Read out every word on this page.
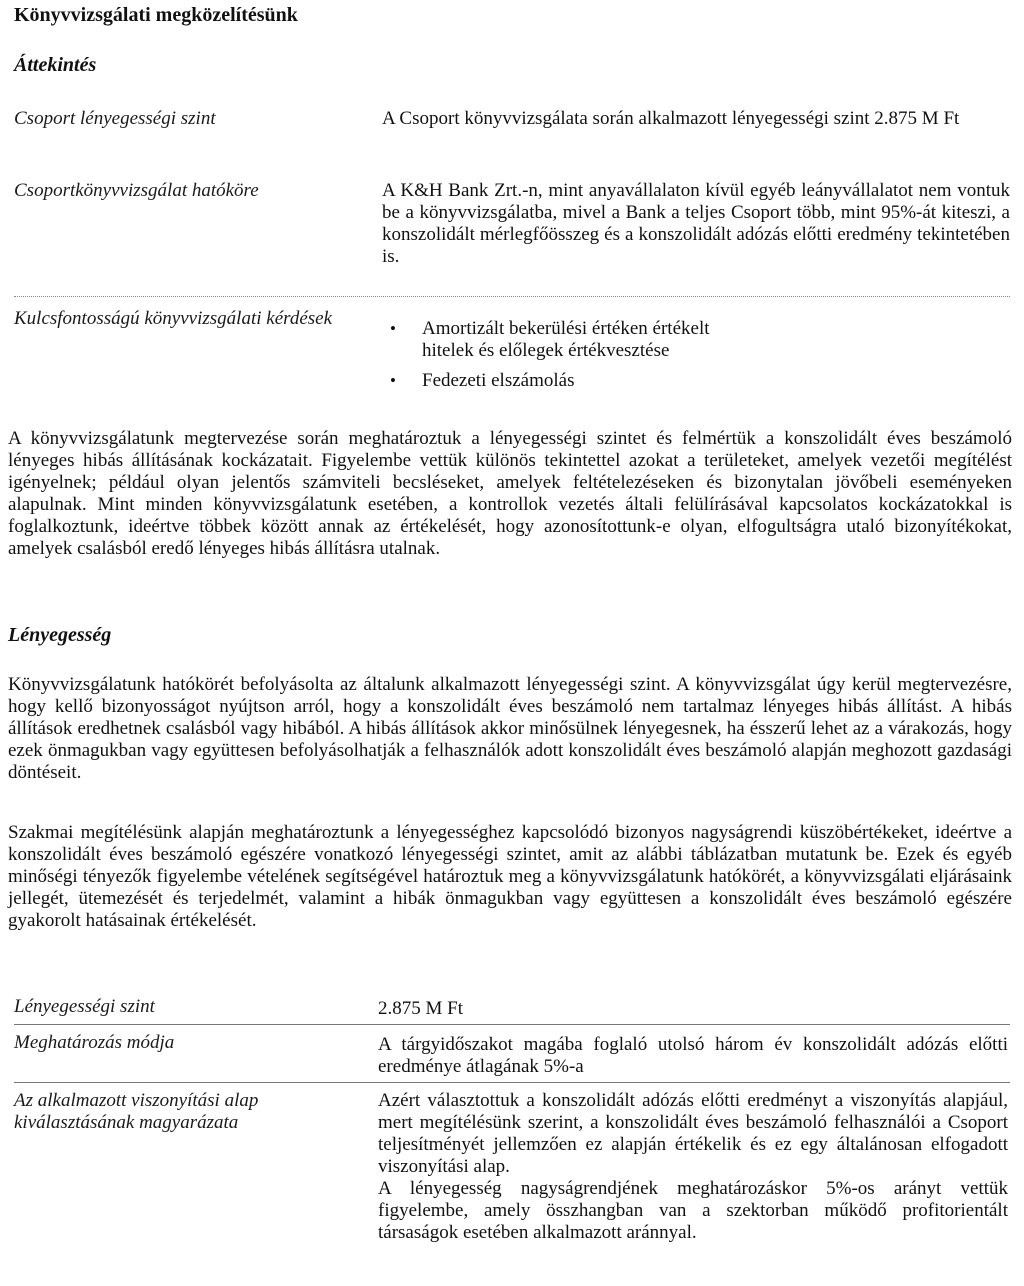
Könyvvizsgálati megközelítésünk
Áttekintés
Csoport lényegességi szint	A Csoport könyvvizsgálata során alkalmazott lényegességi szint 2.875 M Ft
Csoportkönyvvizsgálat hatóköre	A K&H Bank Zrt.-n, mint anyavállalaton kívül egyéb leányvállalatot nem vontuk be a könyvvizsgálatba, mivel a Bank a teljes Csoport több, mint 95%-át kiteszi, a konszolidált mérlegfőösszeg és a konszolidált adózás előtti eredmény tekintetében is.
Kulcsfontosságú könyvvizsgálati kérdések
•	Amortizált bekerülési értéken értékelt hitelek és előlegek értékvesztése
• Fedezeti elszámolás

A könyvvizsgálatunk megtervezése során meghatároztuk a lényegességi szintet és felmértük a konszolidált éves beszámoló lényeges hibás állításának kockázatait. Figyelembe vettük különös tekintettel azokat a területeket, amelyek vezetői megítélést igényelnek; például olyan jelentős számviteli becsléseket, amelyek feltételezéseken és bizonytalan jövőbeli eseményeken alapulnak. Mint minden könyvvizsgálatunk esetében, a kontrollok vezetés általi felülírásával kapcsolatos kockázatokkal is foglalkoztunk, ideértve többek között annak az értékelését, hogy azonosítottunk-e olyan, elfogultságra utaló bizonyítékokat, amelyek csalásból eredő lényeges hibás állításra utalnak.

Lényegesség

Könyvvizsgálatunk hatókörét befolyásolta az általunk alkalmazott lényegességi szint. A könyvvizsgálat úgy kerül megtervezésre, hogy kellő bizonyosságot nyújtson arról, hogy a konszolidált éves beszámoló nem tartalmaz lényeges hibás állítást. A hibás állítások eredhetnek csalásból vagy hibából. A hibás állítások akkor minősülnek lényegesnek, ha ésszerű lehet az a várakozás, hogy ezek önmagukban vagy együttesen befolyásolhatják a felhasználók adott konszolidált éves beszámoló alapján meghozott gazdasági döntéseit.

Szakmai megítélésünk alapján meghatároztunk a lényegességhez kapcsolódó bizonyos nagyságrendi küszöbértékeket, ideértve a konszolidált éves beszámoló egészére vonatkozó lényegességi szintet, amit az alábbi táblázatban mutatunk be. Ezek és egyéb minőségi tényezők figyelembe vételének segítségével határoztuk meg a könyvvizsgálatunk hatókörét, a könyvvizsgálati eljárásaink jellegét, ütemezését és terjedelmét, valamint a hibák önmagukban vagy együttesen a konszolidált éves beszámoló egészére gyakorolt hatásainak értékelését.

Lényegességi szint	2.875 M Ft
Meghatározás módja	A tárgyidőszakot magába foglaló utolsó három év konszolidált adózás előtti eredménye átlagának 5%-a
Az alkalmazott viszonyítási alap kiválasztásának magyarázata

Azért választottuk a konszolidált adózás előtti eredményt a viszonyítás alapjául, mert megítélésünk szerint, a konszolidált éves beszámoló felhasználói a Csoport teljesítményét jellemzően ez alapján értékelik és ez egy általánosan elfogadott viszonyítási alap.

A lényegesség nagyságrendjének meghatározáskor 5%-os arányt vettük figyelembe, amely összhangban van a szektorban működő profitorientált társaságok esetében alkalmazott aránnyal.
